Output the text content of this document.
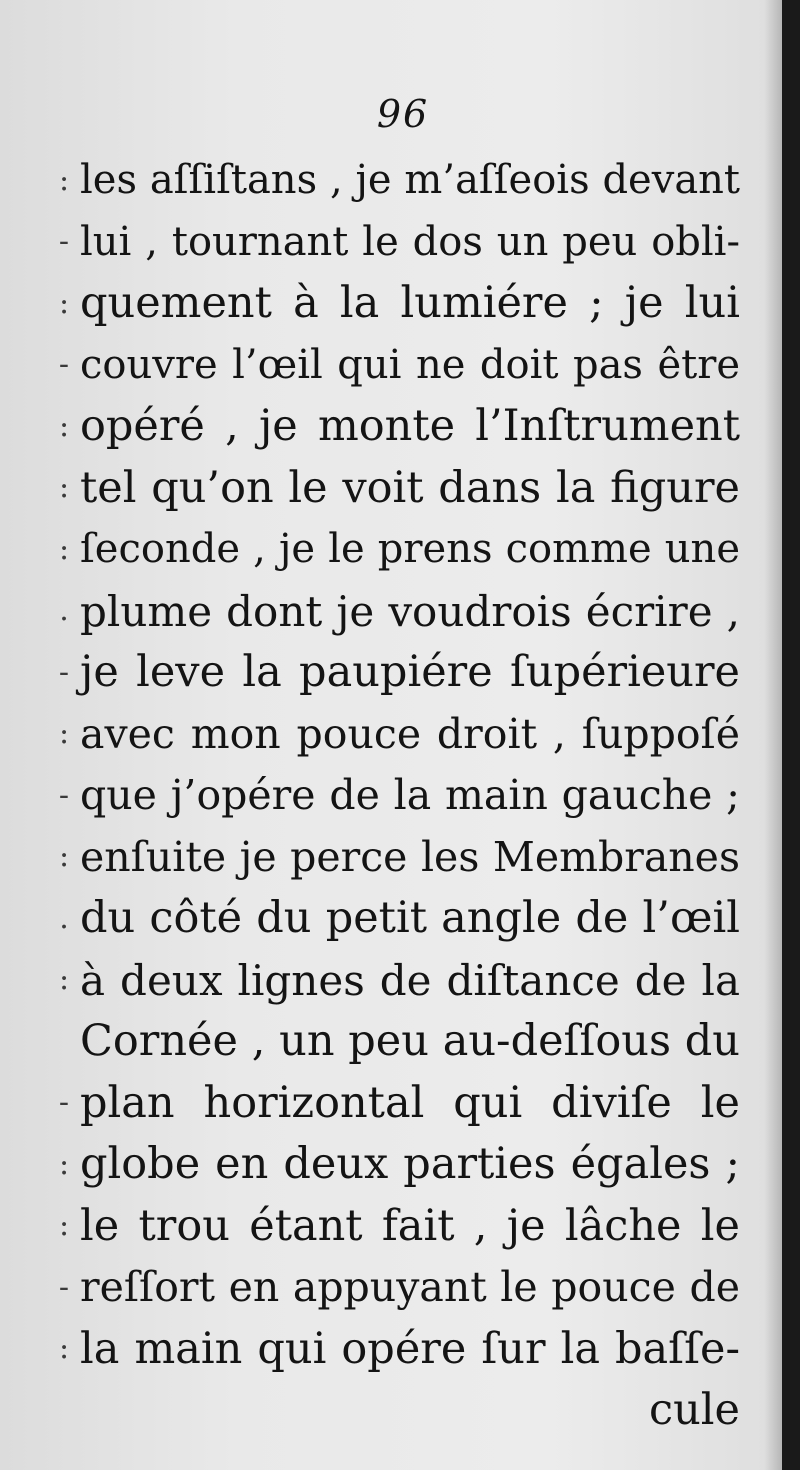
96
:
-
:
-
:
:
:
.
-
:
-
:
.
:
-
:
:
-
:
les aſſiſtans , je m’aſſeois devant
lui , tournant le dos un peu obli-
quement à la lumiére ; je lui
couvre l’œil qui ne doit pas être
opéré , je monte l’Inſtrument
tel qu’on le voit dans la figure
ſeconde , je le prens comme une
plume dont je voudrois écrire ,
je leve la paupiére ſupérieure
avec mon pouce droit , ſuppoſé
que j’opére de la main gauche ;
enſuite je perce les Membranes
du côté du petit angle de l’œil
à deux lignes de diſtance de la
Cornée , un peu au-deſſous du
plan horizontal qui diviſe le
globe en deux parties égales ;
le trou étant fait , je lâche le
reſſort en appuyant le pouce de
la main qui opére ſur la baſſe-
cule
